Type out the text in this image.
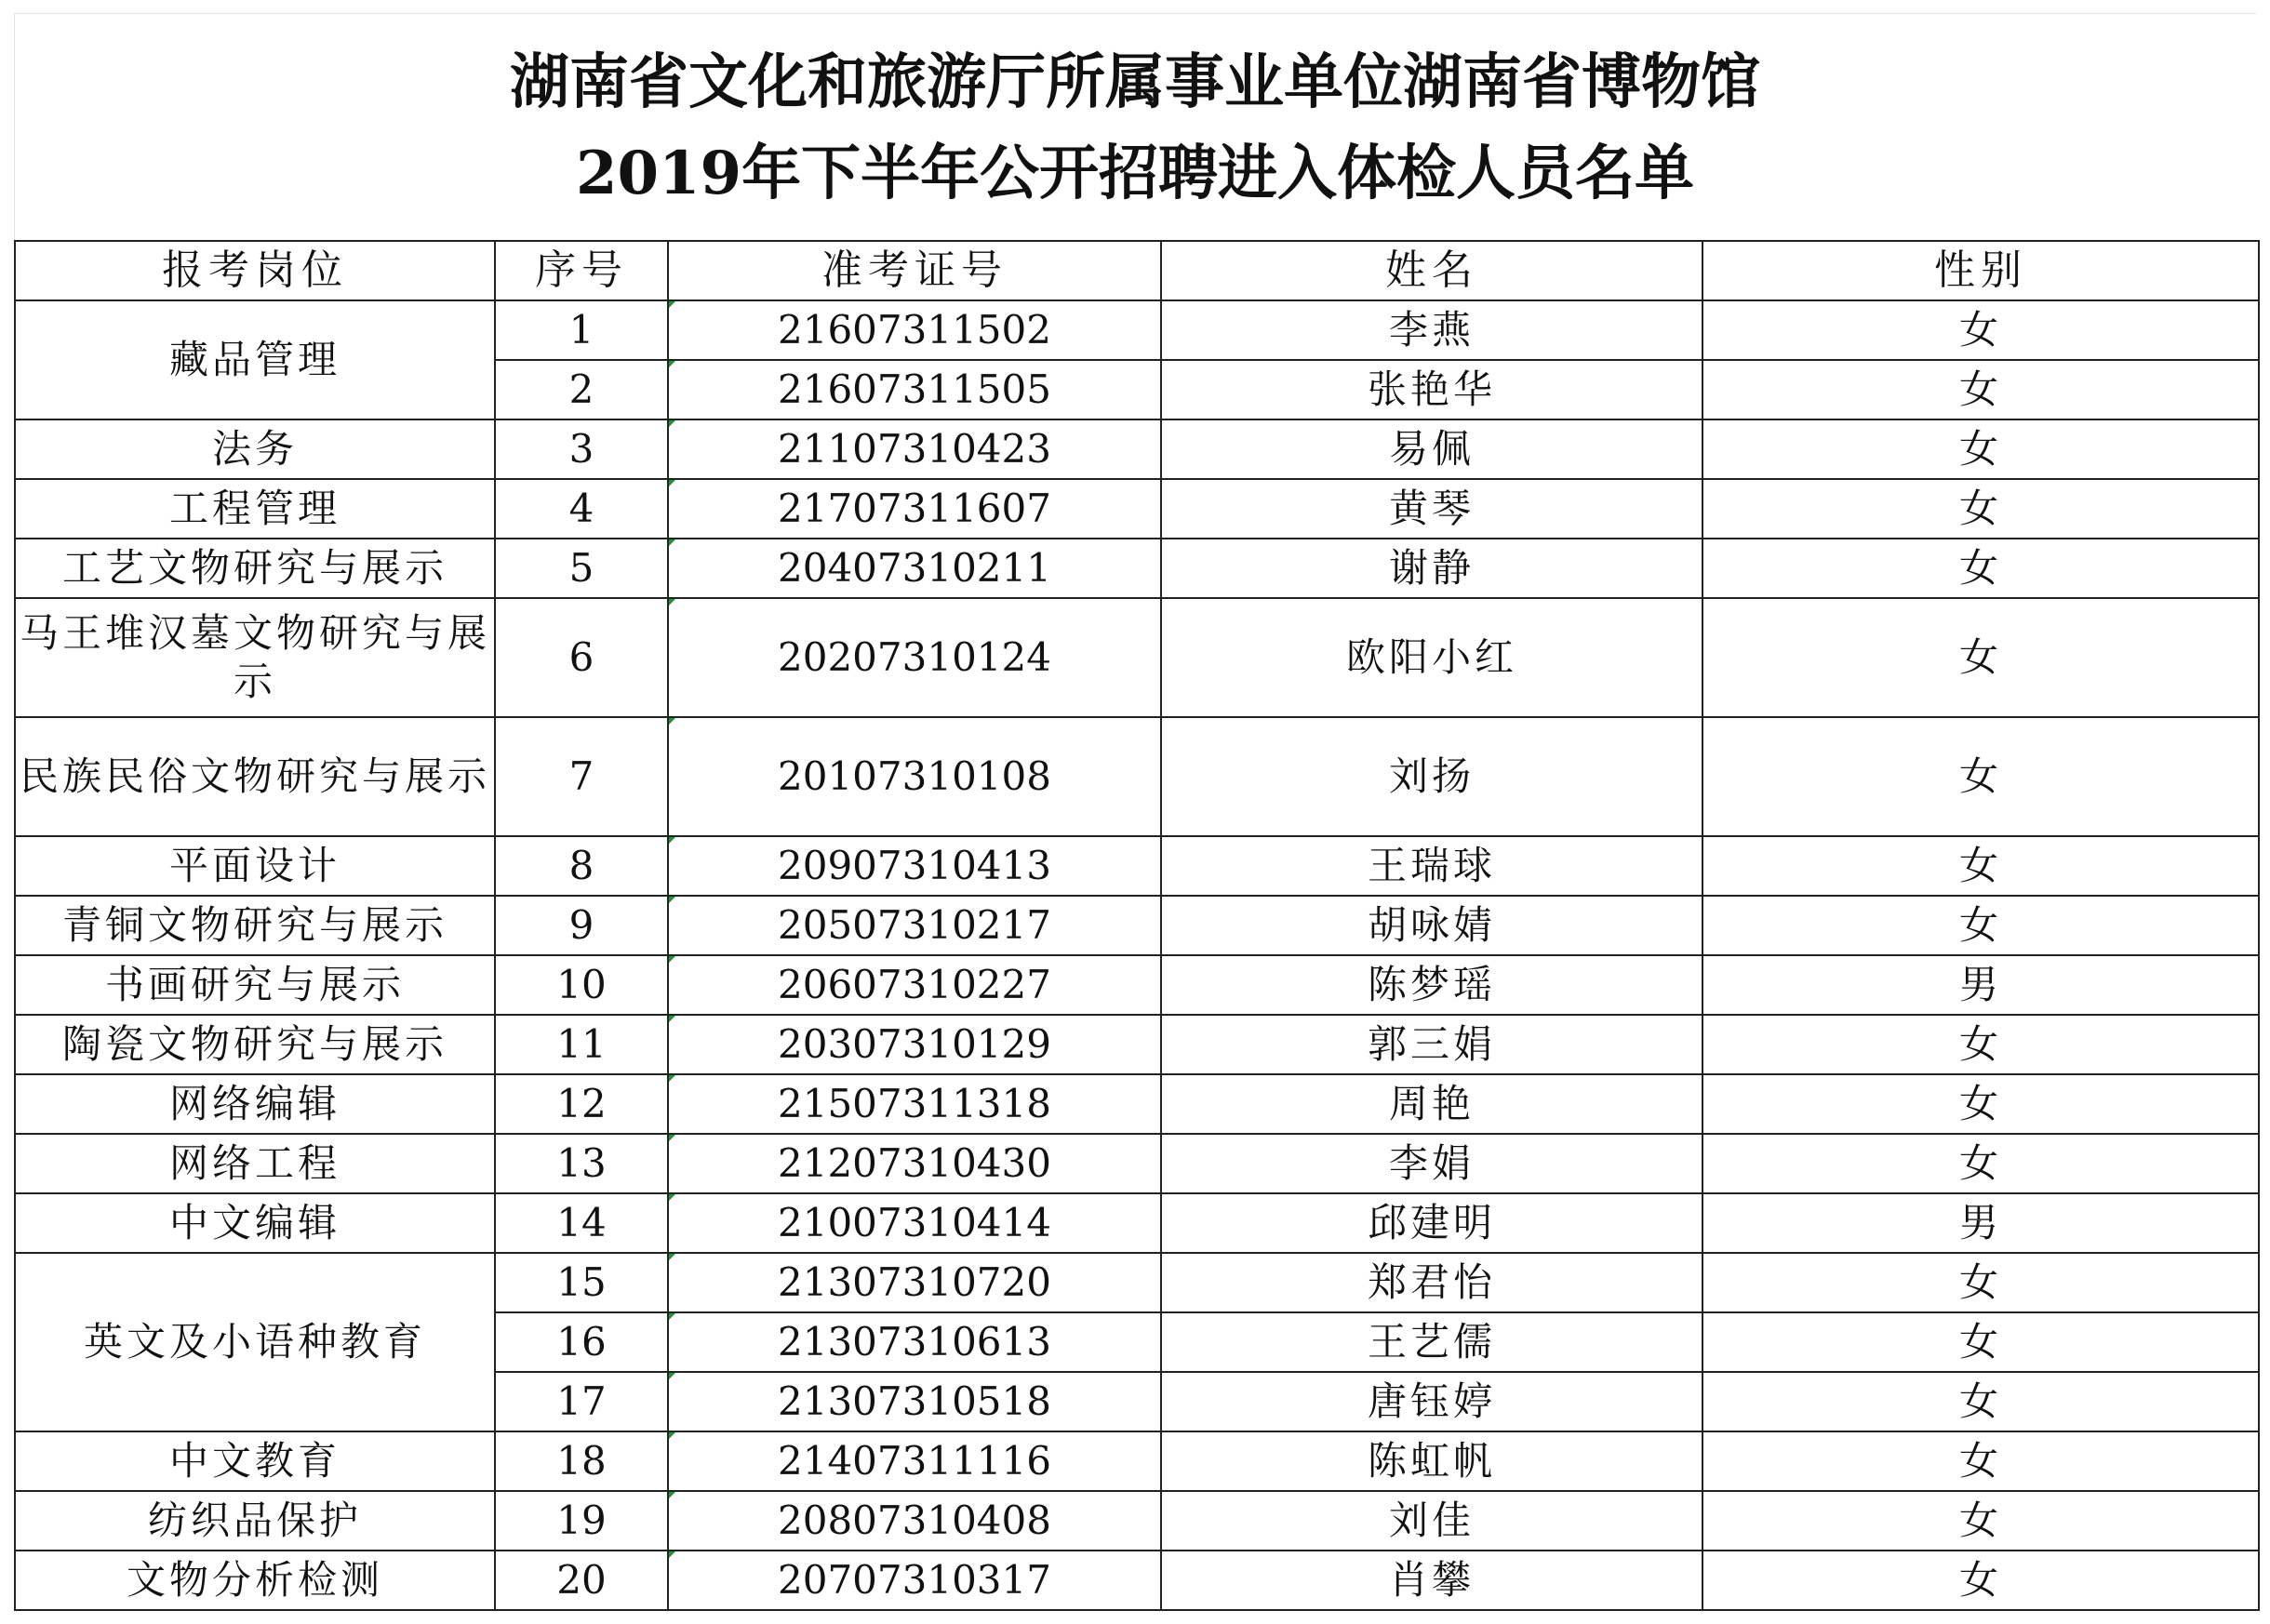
湖南省文化和旅游厅所属事业单位湖南省博物馆
2019年下半年公开招聘进入体检人员名单
报考岗位	序号	准考证号	姓名	性别
藏品管理	1	21607311502	李燕	女
	2	21607311505	张艳华	女
法务	3	21107310423	易佩	女
工程管理	4	21707311607	黄琴	女
工艺文物研究与展示	5	20407310211	谢静	女
马王堆汉墓文物研究与展示	6	20207310124	欧阳小红	女
民族民俗文物研究与展示	7	20107310108	刘扬	女
平面设计	8	20907310413	王瑞球	女
青铜文物研究与展示	9	20507310217	胡咏婧	女
书画研究与展示	10	20607310227	陈梦瑶	男
陶瓷文物研究与展示	11	20307310129	郭三娟	女
网络编辑	12	21507311318	周艳	女
网络工程	13	21207310430	李娟	女
中文编辑	14	21007310414	邱建明	男
英文及小语种教育	15	21307310720	郑君怡	女
	16	21307310613	王艺儒	女
	17	21307310518	唐钰婷	女
中文教育	18	21407311116	陈虹帆	女
纺织品保护	19	20807310408	刘佳	女
文物分析检测	20	20707310317	肖攀	女
